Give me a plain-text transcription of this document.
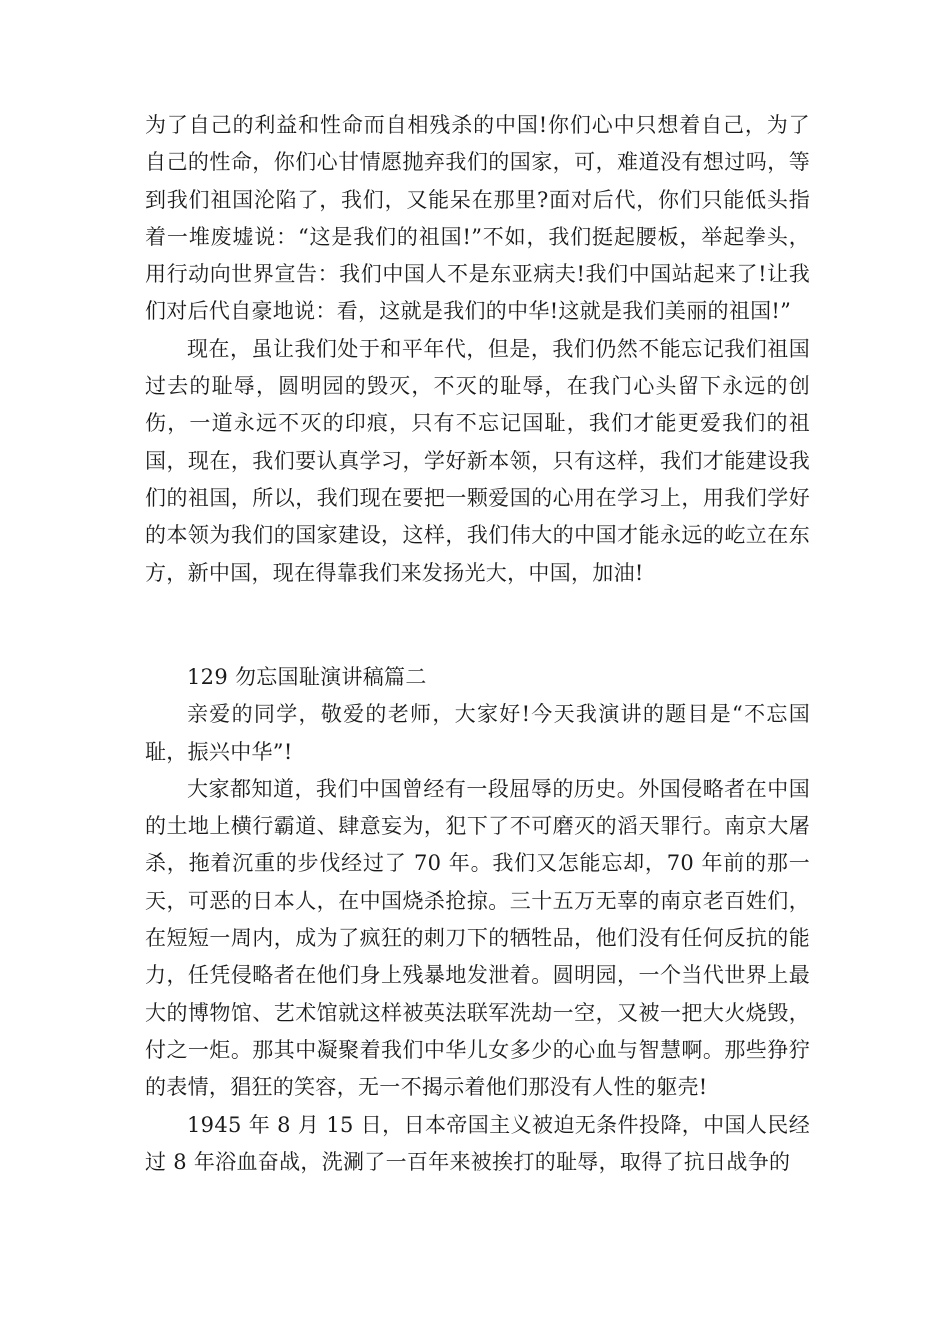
为了自己的利益和性命而自相残杀的中国!你们心中只想着自己，为了自己的性命，你们心甘情愿抛弃我们的国家，可，难道没有想过吗，等到我们祖国沦陷了，我们，又能呆在那里?面对后代，你们只能低头指着一堆废墟说：“这是我们的祖国!”不如，我们挺起腰板，举起拳头，用行动向世界宣告：我们中国人不是东亚病夫!我们中国站起来了!让我们对后代自豪地说：看，这就是我们的中华!这就是我们美丽的祖国!”

现在，虽让我们处于和平年代，但是，我们仍然不能忘记我们祖国过去的耻辱，圆明园的毁灭，不灭的耻辱，在我门心头留下永远的创伤，一道永远不灭的印痕，只有不忘记国耻，我们才能更爱我们的祖国，现在，我们要认真学习，学好新本领，只有这样，我们才能建设我们的祖国，所以，我们现在要把一颗爱国的心用在学习上，用我们学好的本领为我们的国家建设，这样，我们伟大的中国才能永远的屹立在东方，新中国，现在得靠我们来发扬光大，中国，加油!

129 勿忘国耻演讲稿篇二

亲爱的同学，敬爱的老师，大家好!今天我演讲的题目是“不忘国耻，振兴中华”!

大家都知道，我们中国曾经有一段屈辱的历史。外国侵略者在中国的土地上横行霸道、肆意妄为，犯下了不可磨灭的滔天罪行。南京大屠杀，拖着沉重的步伐经过了 70 年。我们又怎能忘却，70 年前的那一天，可恶的日本人，在中国烧杀抢掠。三十五万无辜的南京老百姓们，在短短一周内，成为了疯狂的刺刀下的牺牲品，他们没有任何反抗的能力，任凭侵略者在他们身上残暴地发泄着。圆明园，一个当代世界上最大的博物馆、艺术馆就这样被英法联军洗劫一空，又被一把大火烧毁，付之一炬。那其中凝聚着我们中华儿女多少的心血与智慧啊。那些狰狞的表情，猖狂的笑容，无一不揭示着他们那没有人性的躯壳!

1945 年 8 月 15 日，日本帝国主义被迫无条件投降，中国人民经过 8 年浴血奋战，洗涮了一百年来被挨打的耻辱，取得了抗日战争的
